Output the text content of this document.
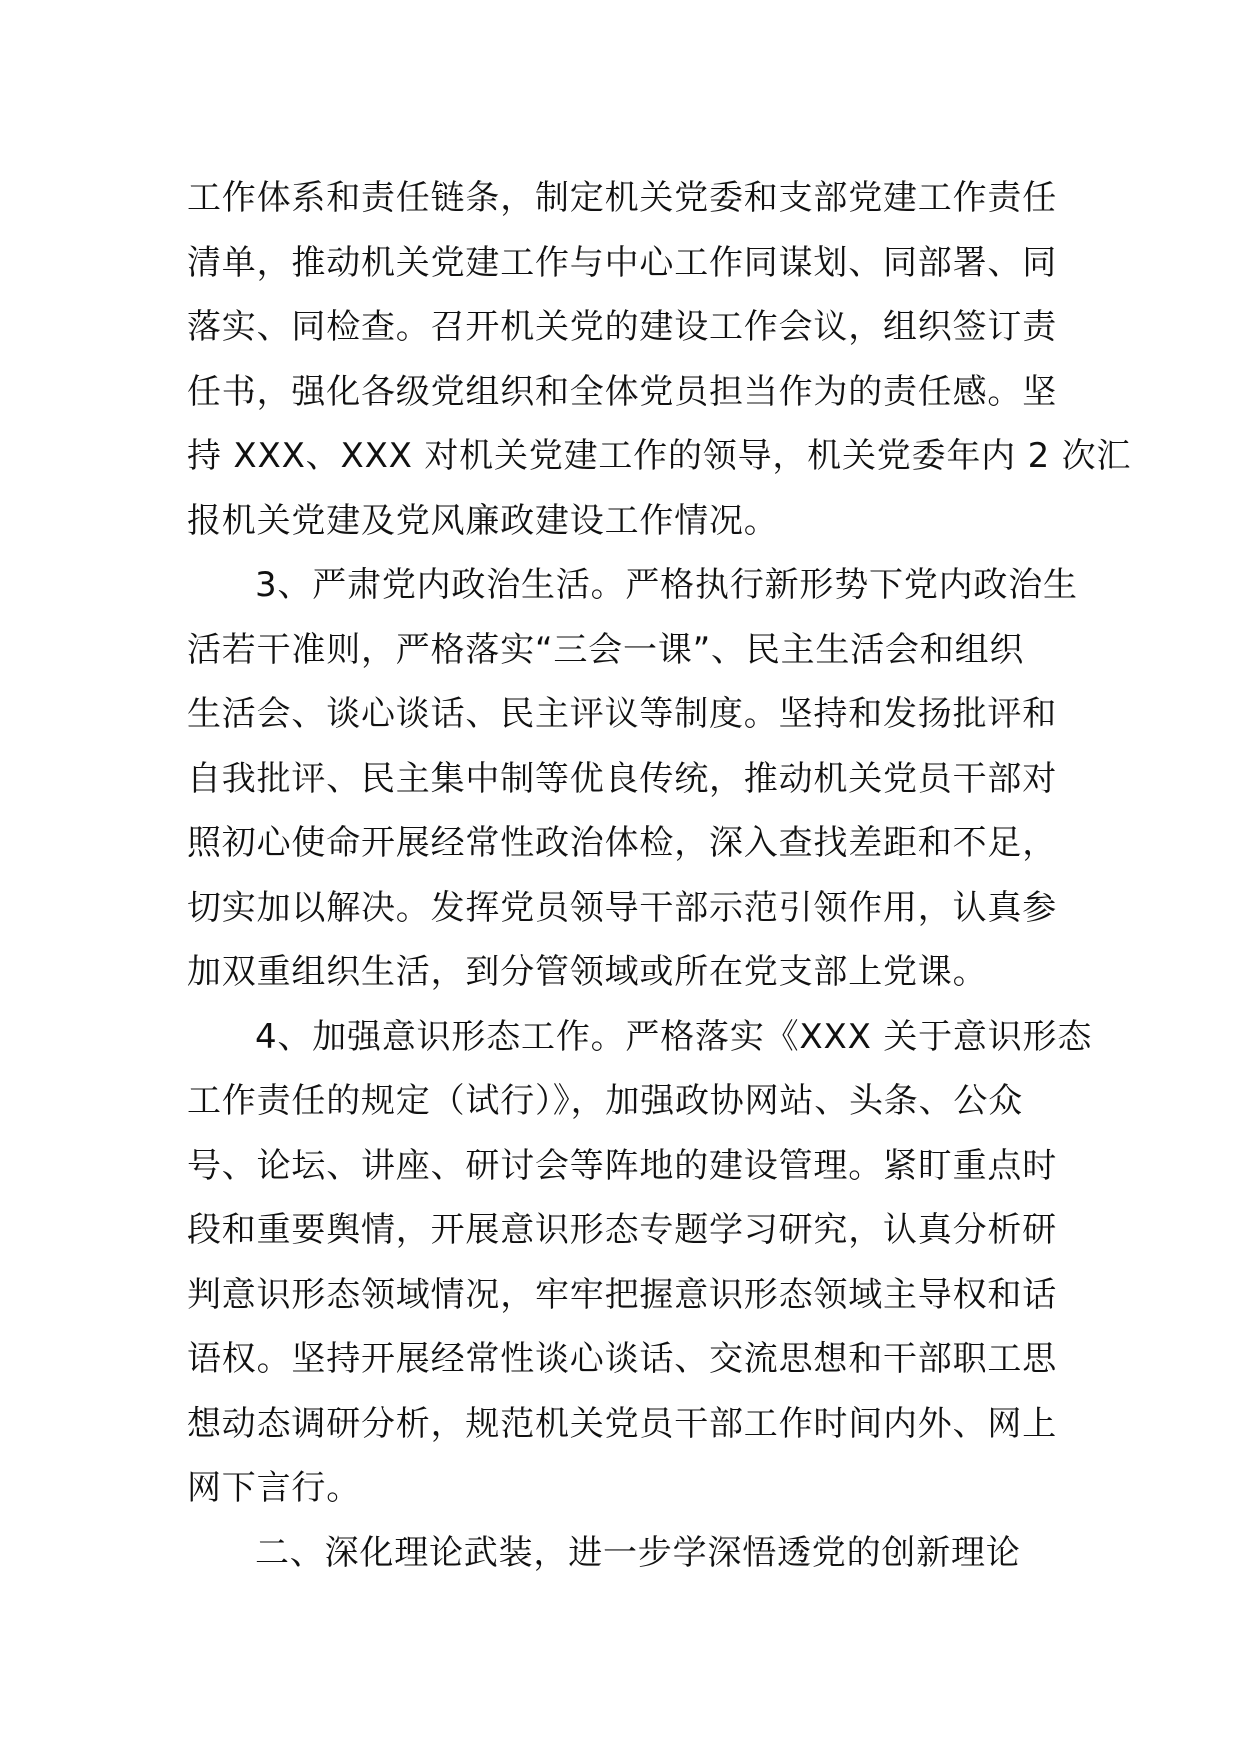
工作体系和责任链条，制定机关党委和支部党建工作责任
清单，推动机关党建工作与中心工作同谋划、同部署、同
落实、同检查。召开机关党的建设工作会议，组织签订责
任书，强化各级党组织和全体党员担当作为的责任感。坚
持 XXX、XXX 对机关党建工作的领导，机关党委年内 2 次汇
报机关党建及党风廉政建设工作情况。
3、严肃党内政治生活。严格执行新形势下党内政治生
活若干准则，严格落实“三会一课”、民主生活会和组织
生活会、谈心谈话、民主评议等制度。坚持和发扬批评和
自我批评、民主集中制等优良传统，推动机关党员干部对
照初心使命开展经常性政治体检，深入查找差距和不足，
切实加以解决。发挥党员领导干部示范引领作用，认真参
加双重组织生活，到分管领域或所在党支部上党课。
4、加强意识形态工作。严格落实《XXX 关于意识形态
工作责任的规定（试行）》，加强政协网站、头条、公众
号、论坛、讲座、研讨会等阵地的建设管理。紧盯重点时
段和重要舆情，开展意识形态专题学习研究，认真分析研
判意识形态领域情况，牢牢把握意识形态领域主导权和话
语权。坚持开展经常性谈心谈话、交流思想和干部职工思
想动态调研分析，规范机关党员干部工作时间内外、网上
网下言行。
二、深化理论武装，进一步学深悟透党的创新理论
